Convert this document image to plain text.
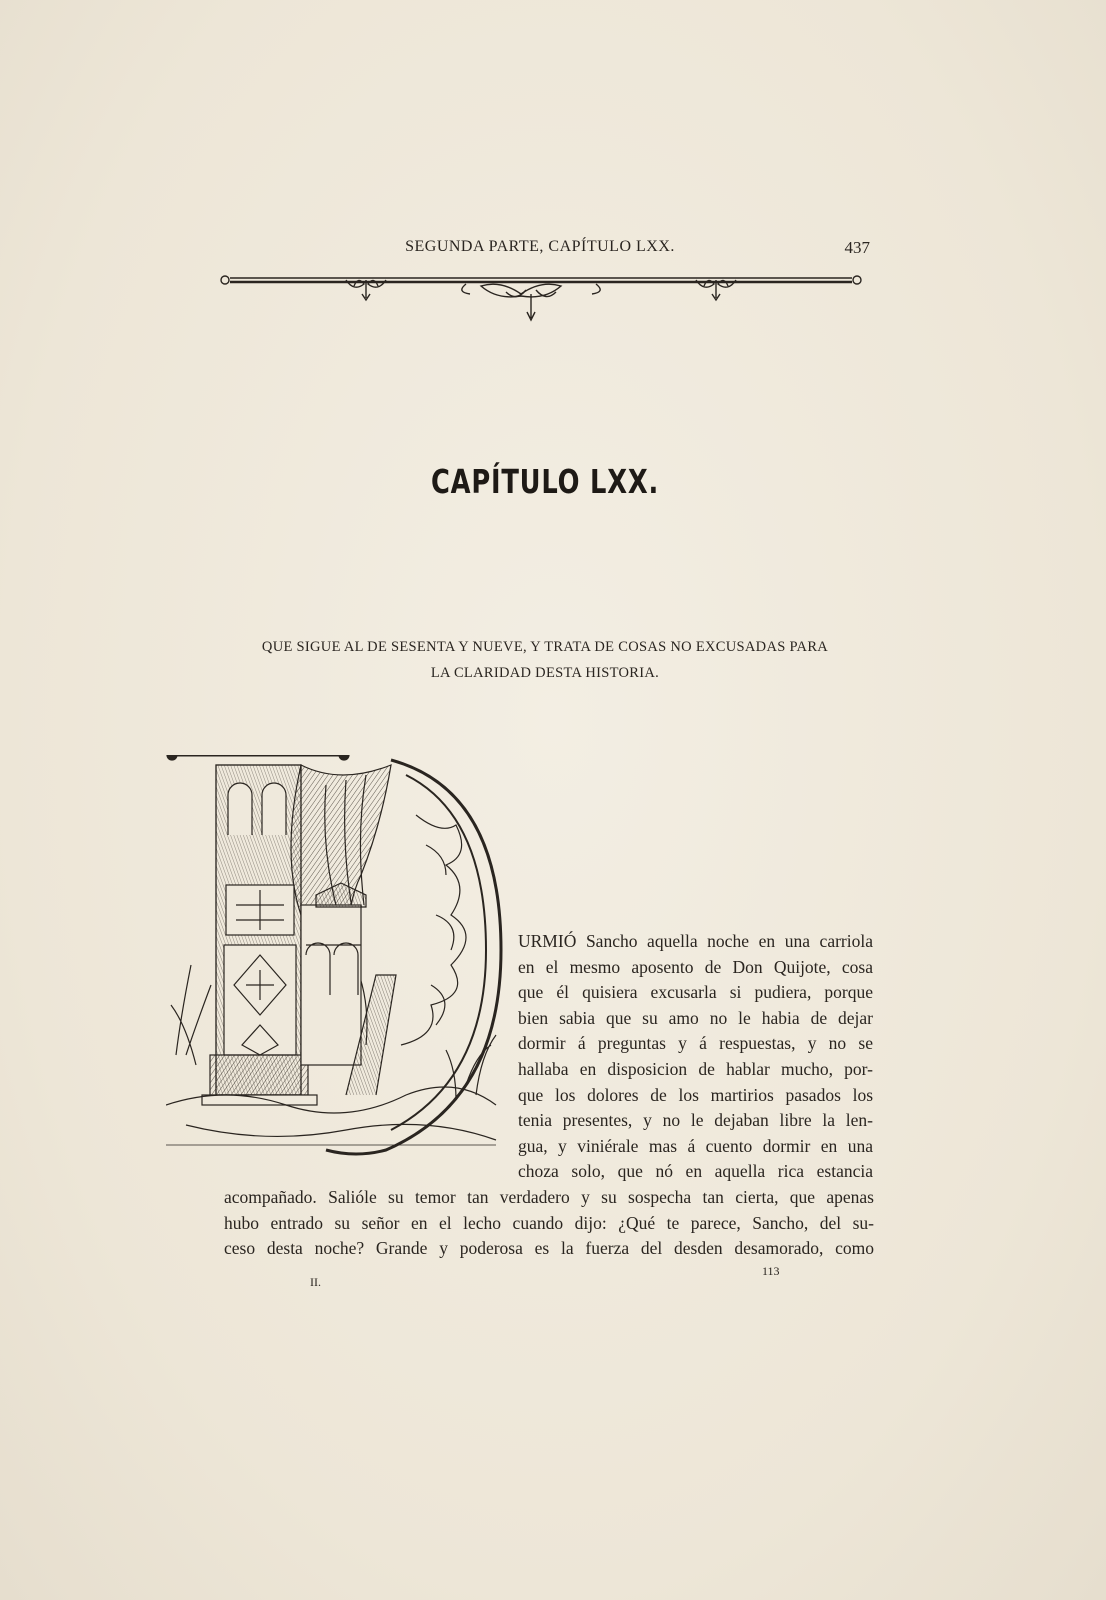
SEGUNDA PARTE, CAPÍTULO LXX.	437
CAPÍTULO LXX.
QUE SIGUE AL DE SESENTA Y NUEVE, Y TRATA DE COSAS NO EXCUSADAS PARA
LA CLARIDAD DESTA HISTORIA.
URMIÓ Sancho aquella noche en una carriola
en el mesmo aposento de Don Quijote, cosa
que él quisiera excusarla si pudiera, porque
bien sabia que su amo no le habia de dejar
dormir á preguntas y á respuestas, y no se
hallaba en disposicion de hablar mucho, por-
que los dolores de los martirios pasados los
tenia presentes, y no le dejaban libre la len-
gua, y viniérale mas á cuento dormir en una
choza solo, que nó en aquella rica estancia
acompañado. Salióle su temor tan verdadero y su sospecha tan cierta, que apenas
hubo entrado su señor en el lecho cuando dijo: ¿Qué te parece, Sancho, del su-
ceso desta noche? Grande y poderosa es la fuerza del desden desamorado, como
II.
113
